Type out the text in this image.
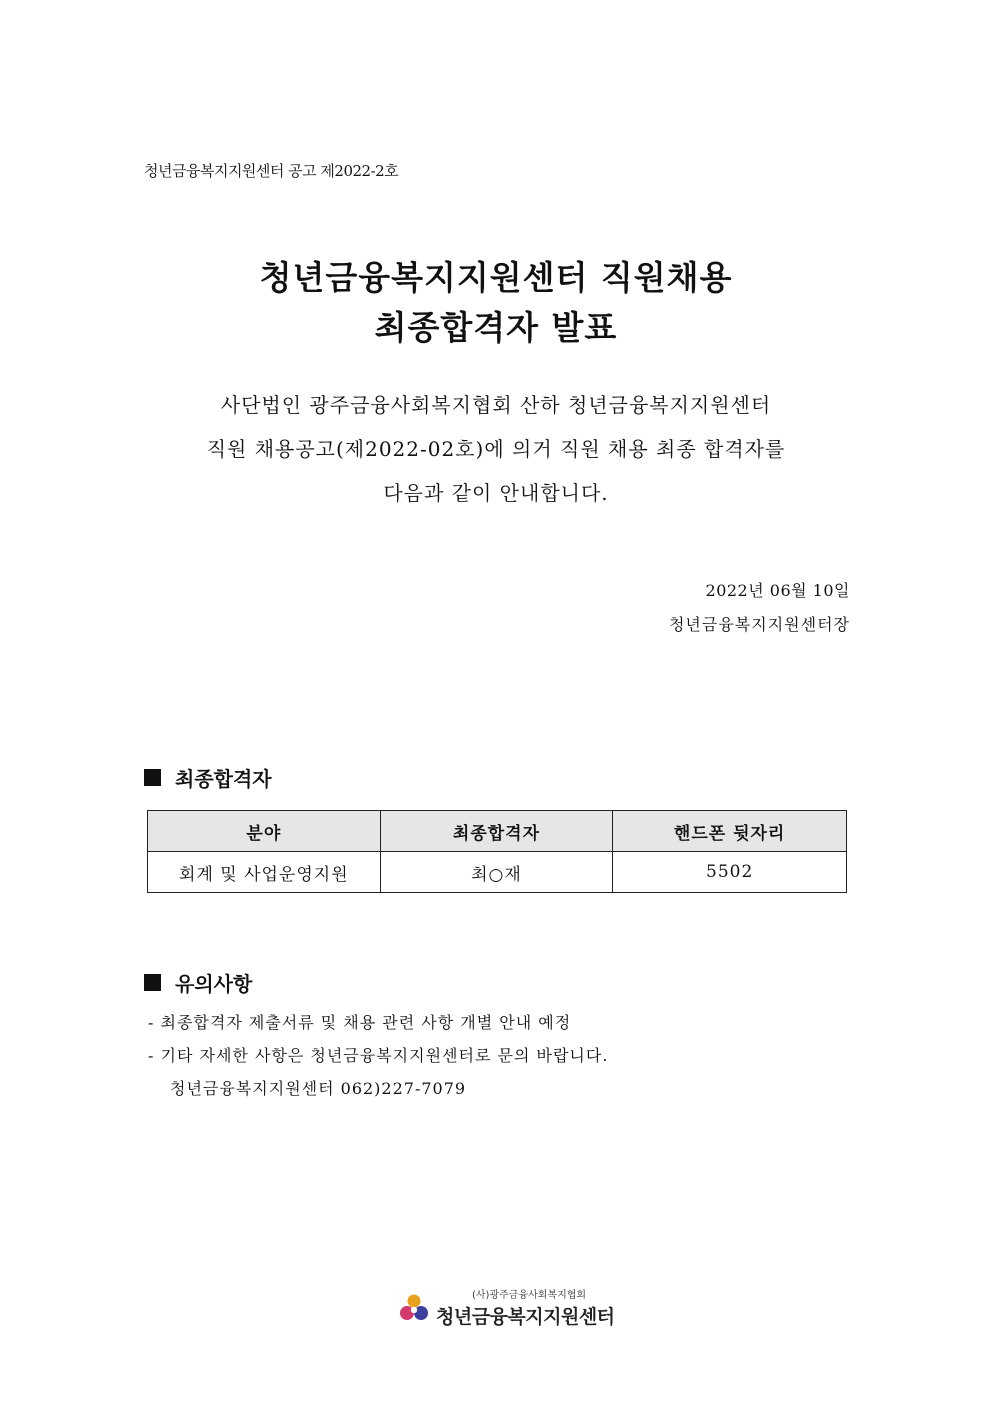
청년금융복지지원센터 공고 제2022-2호
청년금융복지지원센터 직원채용
최종합격자 발표
사단법인 광주금융사회복지협회 산하 청년금융복지지원센터
직원 채용공고(제2022-02호)에 의거 직원 채용 최종 합격자를
다음과 같이 안내합니다.
2022년 06월 10일
청년금융복지지원센터장
최종합격자
분야	최종합격자	핸드폰 뒷자리
회계 및 사업운영지원	최○재	5502
유의사항
- 최종합격자 제출서류 및 채용 관련 사항 개별 안내 예정
- 기타 자세한 사항은 청년금융복지지원센터로 문의 바랍니다.
청년금융복지지원센터 062)227-7079
(사)광주금융사회복지협회
청년금융복지지원센터
